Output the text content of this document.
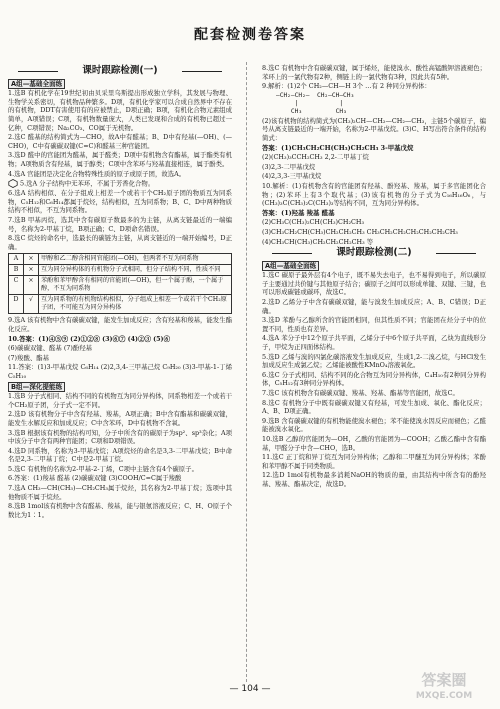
配套检测卷答案
课时跟踪检测(一)
A组—基础全面练

1.选B 有机化学在19世纪初由贝采里乌斯提出形成独立学科，其发展与物理、生物学关系密切，有机物品种繁多。D项，有机化学家可以合成自然界中不存在的有机物，DDT有害使用有的应被禁止，D项正确；B项，有机化合物元素组成简单，A项错误；C项，有机物数量庞大，人类已发现和合成的有机物已超过一亿种，C项错误；Na₂CO₃、CO属于无机物。

2.选C 醛基的结构简式为—CHO，故A中有醛基；B、D中有羟基(—OH)、(—CHO)，C中有碳碳双键(C=C)和醛基三种官能团。

3.选D 醛中的官能团为醛基，属于醛类；D项中有机物含有酯基，属于酯类有机物；A项物质含有羟基，属于醇类；C项中含苯环与羟基直接相连，属于酚类。

4.选A 官能团是决定化合物特殊性质的原子或原子团，故选A。

5.选A 分子结构中无苯环，不属于芳香化合物。

6.选A 结构相似、在分子组成上相差一个或若干个CH₂原子团的物质互为同系物，C₅H₁₂和C₆H₁₄都属于烷烃，结构相似，互为同系物；B、C、D中两种物质结构不相似，不互为同系物。

7.选B 甲基丙烷，选其中含有碳原子数最多的为主链，从离支链最近的一端编号，名称为2-甲基丁烷，B项正确；C、D项命名错误。

8.选C 烷烃的命名中，选最长的碳链为主链，从离支链近的一端开始编号，D正确。

A	×	甲醇和乙二醇含相同官能团(—OH)，但两者不互为同系物
B	×	互为同分异构体的有机物分子式相同，但分子结构不同，性质不同
C	×	苯酚和苯甲醇含有相同的官能团(—OH)，但一个属于酚，一个属于醇，不互为同系物
D	√	互为同系物的有机物结构相似，分子组成上相差一个或若干个CH₂原子团，不可能互为同分异构体

9.选A 该有机物中含有碳碳双键，能发生加成反应；含有羟基和羧基，能发生酯化反应。

10.答案：(1)④⑤⑨ (2)①②⑧ (3)⑥⑦ (4)②③ (5)⑥

(6)碳碳双键、醛基 (7)酚羟基

(7)羧酸、酯基

11.答案：(1)3-甲基戊烷 C₆H₁₄ (2)2,3,4-三甲基己烷 C₉H₂₀ (3)3-甲基-1-丁烯 C₅H₁₀

B组—深化提能练

1.选B 分子式相同、结构不同的有机物互为同分异构体，同系物相差一个或若干个CH₂原子团，分子式一定不同。

2.选D 该有机物分子中含有羟基、羧基，A项正确；B中含有酯基和碳碳双键，能发生水解反应和加成反应；C中含苯环，D中有机物不含氧。

3.选B 根据该有机物的结构可知，分子中所含有的碳原子为sp²、sp³杂化；A项中该分子中含有两种官能团；C项和D项错误。

4.选D 同系物，名称为3-甲基戊烷；A项烷烃的命名是3,3-二甲基戊烷；B中命名是2,3-二甲基丁烷；C中是2-甲基丁烷。

5.选C 有机物的名称为2-甲基-2-丁烯，C项中主链含有4个碳原子。

6.答案：(1)羧基 醛基 (2)碳碳双键 (3)COOH/C=C属于羧酸

7.选A CH₃—CH(CH₃)—CH₂CH₃属于烷烃，其名称为2-甲基丁烷；选项中其他物质不属于烷烃。

8.选B 1mol该有机物中含有醛基、羧基，能与银氨溶液反应；C、H、O原子个数比为1∶1。

8.选C 有机物中含有碳碳双键，属于烯烃，能使溴水、酸性高锰酸钾溶液褪色；苯环上的一氯代物有2种，侧链上的一氯代物有3种，因此共有5种。

9.解析：(1)2个 CH₂—CH—H 3个 …有 2 种同分异构体：

—CH₂—CH₂—  CH₂—CH—CH₃
|           |
CH₃         CH₃

(2)该有机物的结构简式为(CH₃)₂CH—CH₂—CH₂—CH₃，主链5个碳原子，编号从离支链最近的一端开始，名称为2-甲基戊烷。(3)C、H写出符合条件的结构简式：

答案：(1)CH₃CH₂CH(CH₃)CH₂CH₃ 3-甲基戊烷

(2)(CH₃)₃CCH₂CH₃ 2,2-二甲基丁烷

(3)2,3-二甲基戊烷

(4)2,3,3-三甲基戊烷

10.解析：(1)有机物含有的官能团有羟基、酚羟基、羧基，属于多官能团化合物；(2)苯环上有3个取代基；(3)该有机物的分子式为C₁₆H₁₆O₆，与(CH₃)₃C(CH₃)₂C(CH₃)₃等结构不同，互为同分异构体。

答案：(1)羟基 羧基 醛基

(2)CH₃C(CH₃)₂CH(CH₃)CH₂CH₃

(3)CH₃CH₂CH(CH₃)CH₂CH₂CH₃ CH₃CH₂CH₂CH₂CH₂CH₂CH₃

(4)CH₃CH(CH₃)CH₂CH₂CH₂CH₃ 等

课时跟踪检测(二)
A组—基础全面练

1.选C 碳原子最外层有4个电子，既不易失去电子，也不易得到电子，所以碳原子主要通过共价键与其他原子结合；碳原子之间可以形成单键、双键、三键，也可以形成碳链或碳环，故选C。

2.选D 乙烯分子中含有碳碳双键，能与溴发生加成反应；A、B、C错误；D正确。

3.选D 苯酚与乙醇所含的官能团相同，但其性质不同；官能团在烃分子中的位置不同，性质也有差异。

4.选A 苯分子中12个原子共平面，乙烯分子中6个原子共平面，乙炔为直线形分子，甲烷为正四面体结构。

5.选D 乙烯与溴的四氯化碳溶液发生加成反应，生成1,2-二溴乙烷，与HCl发生加成反应生成氯乙烷；乙烯能被酸性KMnO₄溶液氧化。

6.选C 分子式相同、结构不同的化合物互为同分异构体，C₄H₁₀有2种同分异构体，C₅H₁₂有3种同分异构体。

7.选C 该有机物含有碳碳双键、羧基、羟基、酯基等官能团，故选C。

8.选C 有机物分子中既有碳碳双键又有羟基，可发生加成、氧化、酯化反应；A、B、D项正确。

9.选B 含有碳碳双键的有机物能使溴水褪色；苯不能使溴水因反应而褪色；乙醛能被溴水氧化。

10.选B 乙醇的官能团为—OH，乙酸的官能团为—COOH；乙酸乙酯中含有酯基，甲醛分子中含—CHO，选B。

11.选C 正丁烷和异丁烷互为同分异构体；乙醇和二甲醚互为同分异构体；苯酚和苯甲醇不属于同类物质。

12.选D 1mol有机物最多消耗NaOH的物质的量，由其结构中所含有的酚羟基、羧基、酯基决定，故选D。

— 104 —	答案圈
MXQE.COM
